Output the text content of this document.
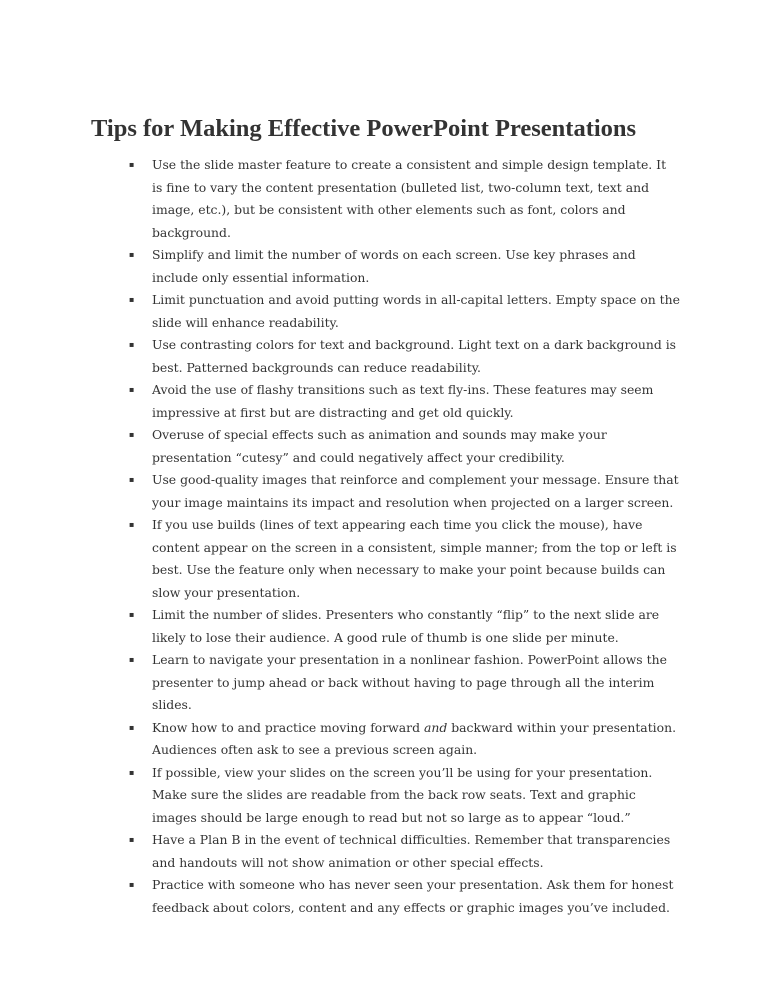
Tips for Making Effective PowerPoint Presentations
▪ Use the slide master feature to create a consistent and simple design template. It is fine to vary the content presentation (bulleted list, two-column text, text and image, etc.), but be consistent with other elements such as font, colors and background.
▪ Simplify and limit the number of words on each screen. Use key phrases and include only essential information.
▪ Limit punctuation and avoid putting words in all-capital letters. Empty space on the slide will enhance readability.
▪ Use contrasting colors for text and background. Light text on a dark background is best. Patterned backgrounds can reduce readability.
▪ Avoid the use of flashy transitions such as text fly-ins. These features may seem impressive at first but are distracting and get old quickly.
▪ Overuse of special effects such as animation and sounds may make your presentation “cutesy” and could negatively affect your credibility.
▪ Use good-quality images that reinforce and complement your message. Ensure that your image maintains its impact and resolution when projected on a larger screen.
▪ If you use builds (lines of text appearing each time you click the mouse), have content appear on the screen in a consistent, simple manner; from the top or left is best. Use the feature only when necessary to make your point because builds can slow your presentation.
▪ Limit the number of slides. Presenters who constantly “flip” to the next slide are likely to lose their audience. A good rule of thumb is one slide per minute.
▪ Learn to navigate your presentation in a nonlinear fashion. PowerPoint allows the presenter to jump ahead or back without having to page through all the interim slides.
▪ Know how to and practice moving forward and backward within your presentation. Audiences often ask to see a previous screen again.
▪ If possible, view your slides on the screen you’ll be using for your presentation. Make sure the slides are readable from the back row seats. Text and graphic images should be large enough to read but not so large as to appear “loud.”
▪ Have a Plan B in the event of technical difficulties. Remember that transparencies and handouts will not show animation or other special effects.
▪ Practice with someone who has never seen your presentation. Ask them for honest feedback about colors, content and any effects or graphic images you’ve included.
